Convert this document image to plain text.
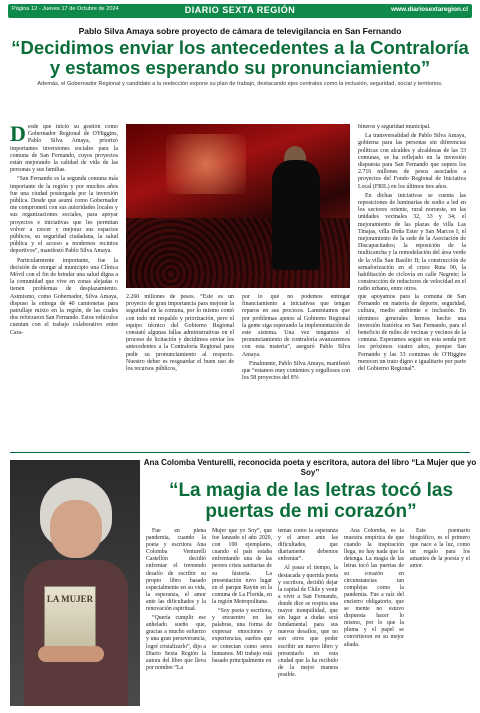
Página 12 - Jueves 17 de Octubre de 2024	DIARIO SEXTA REGIÓN	www.diariosextaregion.cl
Pablo Silva Amaya sobre proyecto de cámara de televigilancia en San Fernando
“Decidimos enviar los antecedentes a la Contraloría y estamos esperando su pronunciamiento”
Además, el Gobernador Regional y candidato a la reelección expone su plan de trabajo, destacando ejes centrales como la inclusión, seguridad, social y territorios.
D esde que inició su gestión como Gobernador Regional de O'Higgins, Pablo Silva Amaya, priorizó importantes inversiones sociales para la comuna de San Fernando, cuyos proyectos están mejorando la calidad de vida de las personas y sus familias.

“San Fernando es la segunda comuna más importante de la región y por muchos años fue una ciudad postergada por la inversión pública. Desde que asumí como Gobernador me comprometí con sus autoridades locales y sus organizaciones sociales, para apoyar proyectos e iniciativas que les permitan volver a crecer y mejorar sus espacios públicos, su seguridad ciudadana, la salud pública y el acceso a modernos recintos deportivos”, manifestó Pablo Silva Amaya.

Particularmente importante, fue la decisión de otorgar al municipio una Clínica Móvil con el fin de brindar una salud digna a la comunidad que vive en zonas alejadas o tienen problemas de desplazamiento. Asimismo, como Gobernador, Silva Amaya, dispuso la entrega de 40 camionetas para patrullaje mixto en la región, de las cuales dos reforzaron San Fernando. Estos vehículos cuentan con el trabajo colaborativo entre Cara-

que apoyamos para la comuna de San Fernando en materia de deporte, seguridad, cultura, medio ambiente e inclusión. En términos generales hemos hecho una inversión histórica en San Fernando, para el beneficio de miles de vecinas y vecinos de la comuna. Esperamos seguir en esta senda por los próximos cuatro años, porque San Fernando y las 33 comunas de O'Higgins merecen un trato digno e igualitario por parte del Gobierno Regional”.

2.260 millones de pesos. “Este es un proyecto de gran importancia para mejorar la seguridad en la comuna, por lo mismo contó con todo mi respaldo y priorización, pero el equipo técnico del Gobierno Regional constató algunas fallas administrativas en el proceso de licitación y decidimos enviar los antecedentes a la Contraloría Regional para pedir su pronunciamiento al respecto. Nuestro deber es resguardar el buen uso de los recursos públicos,

por lo que no podemos entregar financiamiento a iniciativas que tengan reparos en sus procesos. Lamentamos que por problemas ajenos al Gobierno Regional la gente siga esperando la implementación de este sistema. Una vez tengamos el pronunciamiento de contraloría avanzaremos con esta materia”, aseguró Pablo Silva Amaya.

Finalmente, Pablo Silva Amaya, manifestó que “estamos muy contentos y orgullosos con los 58 proyectos del 8%

bineros y seguridad municipal.

La transversalidad de Pablo Silva Amaya, gobierna para las personas sin diferencias políticas con alcaldes y alcaldesas de las 33 comunas, se ha reflejado en la inversión dispuesta para San Fernando que supera los 2.716 millones de pesos asociados a proyectos del Fondo Regional de Iniciativa Local (FRIL) en los últimos tres años.

En dichas iniciativas se cuenta las reposiciones de luminarias de sodio a led en los sectores oriente, rural noroeste, en las unidades vecinales 32, 33 y 34; el mejoramiento de las plazas de villa Las Tinajas, villa Doña Ester y San Marcos I; el mejoramiento de la sede de la Asociación de Discapacitados; la reposición de la multicancha y la remodelación del área verde de la villa San Basilio II; la construcción de semaforización en el cruce Ruta 90, la habilitación de ciclovía en calle Negrete; la construcción de reductores de velocidad en el radio urbano, entre otros.

LA MUJER
Ana Colomba Venturelli, reconocida poeta y escritora, autora del libro “La Mujer que yo Soy”
“La magia de las letras tocó las puertas de mi corazón”

Fue en plena pandemia, cuando la poeta y escritora Ana Colomba Venturelli Castellón decidió enfrentar el tremendo desafío de escribir su propio libro basado especialmente en su vida, la esperanza, el amor ante las dificultades y la renovación espiritual.

“Quería cumplir ese anhelado sueño que, gracias a mucho esfuerzo y una gran perseverancia, logré cristalizarlo”, dijo a Diario Sexta Región la autora del libro que lleva por nombre “La

Mujer que yo Soy”, que fue lanzado el año 2020, con 100 ejemplares, cuando el país estaba enfrentando una de las peores crisis sanitarias de su historia. La presentación tuvo lugar en el parque Rayún en la comuna de La Florida, en la región Metropolitana.

“Soy poeta y escritora, y encuentro en las palabras, una forma de expresar emociones y experiencias, sueños que se conectan como seres humanos. Mi trabajo está basado principalmente en

temas como la esperanza y el amor ante las dificultades, que diariamente debemos enfrentar”.

Al pasar el tiempo, la destacada y querida poeta y escritora, decidió dejar la capital de Chile y venir a vivir a San Fernando, donde dice se respira una mayor tranquilidad, que sin lugar a dudas será fundamental para sus nuevos desafíos, que no son otros que poder escribir un nuevo libro y presentarlo en esta ciudad que la ha recibido de la mejor manera posible.

Ana Colomba, es la muestra empírica de que cuando la inspiración llega, no hay nada que la detenga. La magia de las letras tocó las puertas de su corazón en circunstancias tan complejas como la pandemia. Fue a raíz del encierro obligatorio, que se mente no estuvo dispuesta hacer lo mismo, por lo que la pluma y el papel se convirtieron en su mejor aliada.

Este poemario biográfico, es el primero que nace a la luz, como un regalo para los amantes de la poesía y el amor.
